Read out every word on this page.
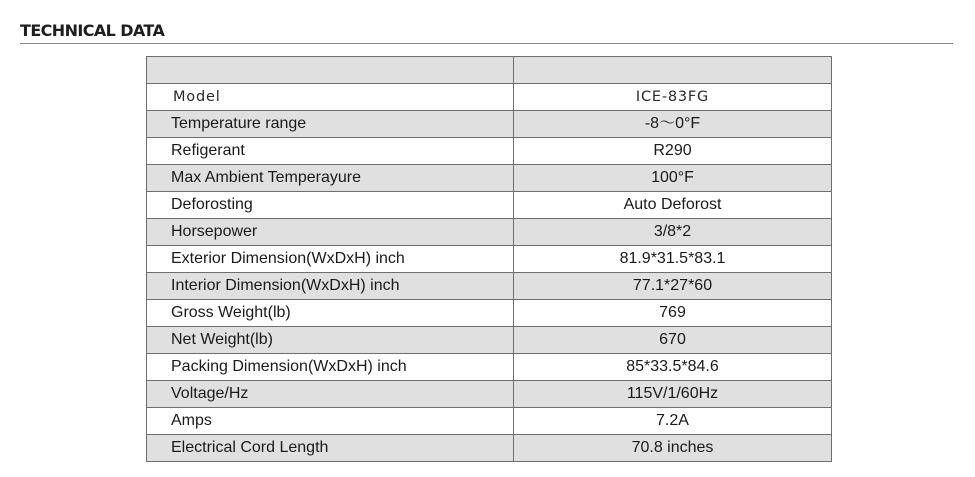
TECHNICAL DATA

Model	ICE-83FG
Temperature range	-8～0°F
Refigerant	R290
Max Ambient Temperayure	100°F
Deforosting	Auto Deforost
Horsepower	3/8*2
Exterior Dimension(WxDxH) inch	81.9*31.5*83.1
Interior Dimension(WxDxH) inch	77.1*27*60
Gross Weight(lb)	769
Net Weight(lb)	670
Packing Dimension(WxDxH) inch	85*33.5*84.6
Voltage/Hz	115V/1/60Hz
Amps	7.2A
Electrical Cord Length	70.8 inches
